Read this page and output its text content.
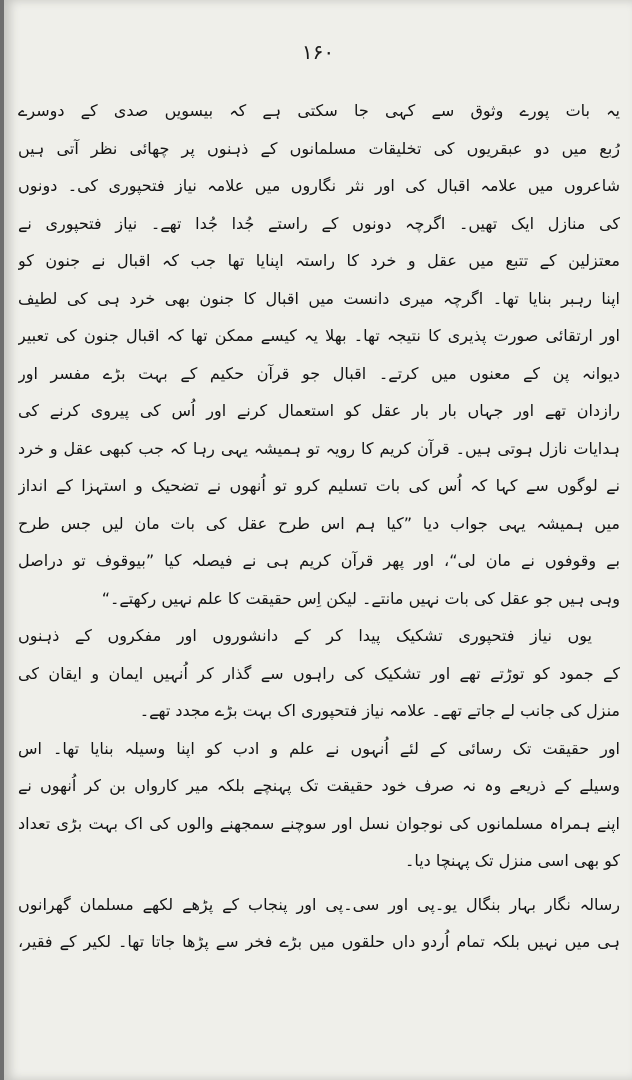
۱۶۰
یہ بات پورے وثوق سے کہی جا سکتی ہے کہ بیسویں صدی کے دوسرے
رُبع میں دو عبقریوں کی تخلیقات مسلمانوں کے ذہنوں پر چھائی نظر آتی ہیں
شاعروں میں علامہ اقبال کی اور نثر نگاروں میں علامہ نیاز فتحپوری کی۔ دونوں
کی منازل ایک تھیں۔ اگرچہ دونوں کے راستے جُدا جُدا تھے۔ نیاز فتحپوری نے
معتزلین کے تتبع میں عقل و خرد کا راستہ اپنایا تھا جب کہ اقبال نے جنون کو
اپنا رہبر بنایا تھا۔ اگرچہ میری دانست میں اقبال کا جنون بھی خرد ہی کی لطیف
اور ارتقائی صورت پذیری کا نتیجہ تھا۔ بھلا یہ کیسے ممکن تھا کہ اقبال جنون کی تعبیر
دیوانہ پن کے معنوں میں کرتے۔ اقبال جو قرآن حکیم کے بہت بڑے مفسر اور
رازدان تھے اور جہاں بار بار عقل کو استعمال کرنے اور اُس کی پیروی کرنے کی
ہدایات نازل ہوتی ہیں۔ قرآن کریم کا رویہ تو ہمیشہ یہی رہا کہ جب کبھی عقل و خرد
نے لوگوں سے کہا کہ اُس کی بات تسلیم کرو تو اُنھوں نے تضحیک و استہزا کے انداز
میں ہمیشہ یہی جواب دیا ”کیا ہم اس طرح عقل کی بات مان لیں جس طرح
بے وقوفوں نے مان لی“، اور پھر قرآن کریم ہی نے فیصلہ کیا ”بیوقوف تو دراصل
وہی ہیں جو عقل کی بات نہیں مانتے۔ لیکن اِس حقیقت کا علم نہیں رکھتے۔“
یوں نیاز فتحپوری تشکیک پیدا کر کے دانشوروں اور مفکروں کے ذہنوں
کے جمود کو توڑتے تھے اور تشکیک کی راہوں سے گذار کر اُنہیں ایمان و ایقان کی
منزل کی جانب لے جاتے تھے۔ علامہ نیاز فتحپوری اک بہت بڑے مجدد تھے۔
اور حقیقت تک رسائی کے لئے اُنہوں نے علم و ادب کو اپنا وسیلہ بنایا تھا۔ اس
وسیلے کے ذریعے وہ نہ صرف خود حقیقت تک پہنچے بلکہ میر کارواں بن کر اُنھوں نے
اپنے ہمراہ مسلمانوں کی نوجوان نسل اور سوچنے سمجھنے والوں کی اک بہت بڑی تعداد
کو بھی اسی منزل تک پہنچا دیا۔
رسالہ نگار بہار بنگال یو۔پی اور سی۔پی اور پنجاب کے پڑھے لکھے مسلمان گھرانوں
ہی میں نہیں بلکہ تمام اُردو داں حلقوں میں بڑے فخر سے پڑھا جاتا تھا۔ لکیر کے فقیر،
